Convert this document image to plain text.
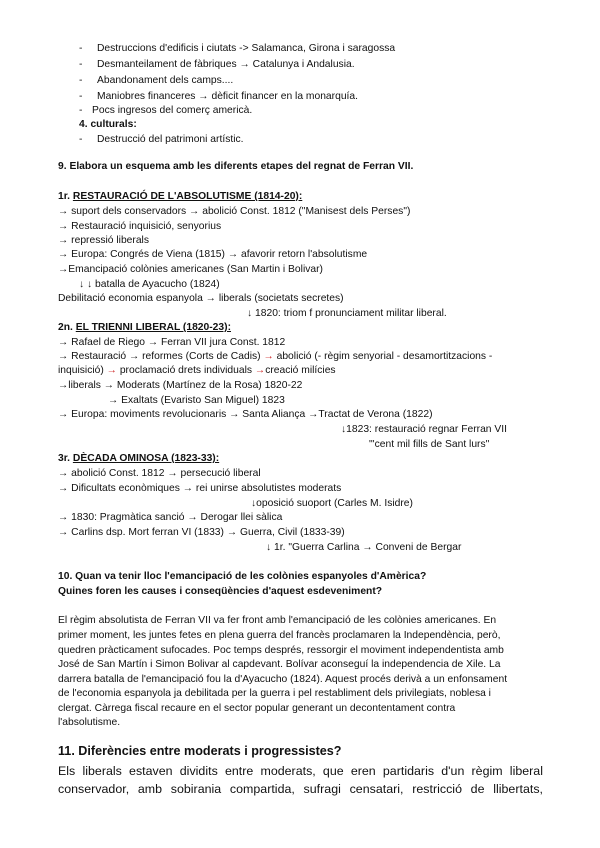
- Destruccions d'edificis i ciutats -> Salamanca, Girona i saragossa
- Desmanteilament de fàbriques → Catalunya i Andalusia.
- Abandonament dels camps....
- Maniobres financeres → dèficit financer en la monarquía.
- Pocs ingresos del comerç americà.
4. culturals:
- Destrucció del patrimoni artístic.
9. Elabora un esquema amb les diferents etapes del regnat de Ferran VII.
1r. RESTAURACIÓ DE L'ABSOLUTISME (1814-20):
→ suport dels conservadors → abolició Const. 1812 ("Manisest dels Perses")
→ Restauració inquisició, senyorius
→ repressió liberals
→ Europa: Congrés de Viena (1815) → afavorir retorn l'absolutisme
→Emancipació colònies americanes (San Martin i Bolivar)
↓ ↓ batalla de Ayacucho (1824)
Debilitació economia espanyola → liberals (societats secretes)
↓ 1820: triom f pronunciament militar liberal.
2n. EL TRIENNI LIBERAL (1820-23):
→ Rafael de Riego → Ferran VII jura Const. 1812
→ Restauració → reformes (Corts de Cadis) → abolició (- règim senyorial - desamortitzacions -
inquisició) → proclamació drets individuals →creació milícies
→liberals → Moderats (Martínez de la Rosa) 1820-22
→ Exaltats (Evaristo San Miguel) 1823
→ Europa: moviments revolucionaris → Santa Aliança →Tractat de Verona (1822)
↓1823: restauració regnar Ferran VII
"'cent mil fills de Sant lurs"
3r. DÈCADA OMINOSA (1823-33):
→ abolició Const. 1812 → persecució liberal
→ Dificultats econòmiques → rei unirse absolutistes moderats
↓oposició suoport (Carles M. Isidre)
→ 1830: Pragmàtica sanció → Derogar llei sàlica
→ Carlins dsp. Mort ferran VI (1833) → Guerra, Civil (1833-39)
↓ 1r. "Guerra Carlina → Conveni de Bergar
10. Quan va tenir lloc l'emancipació de les colònies espanyoles d'Amèrica?
Quines foren les causes i conseqüències d'aquest esdeveniment?
El règim absolutista de Ferran VII va fer front amb l'emancipació de les colònies americanes. En
primer moment, les juntes fetes en plena guerra del francès proclamaren la Independència, però,
quedren pràcticament sufocades. Poc temps després, ressorgir el moviment independentista amb
José de San Martín i Simon Bolivar al capdevant. Bolívar aconseguí la independencia de Xile. La
darrera batalla de l'emancipació fou la d'Ayacucho (1824). Aquest procés derivà a un enfonsament
de l'economia espanyola ja debilitada per la guerra i pel restabliment dels privilegiats, noblesa i
clergat. Càrrega fiscal recaure en el sector popular generant un decontentament contra
l'absolutisme.
11. Diferències entre moderats i progressistes?
Els liberals estaven dividits entre moderats, que eren partidaris d'un règim liberal
conservador, amb sobirania compartida, sufragi censatari, restricció de llibertats,
